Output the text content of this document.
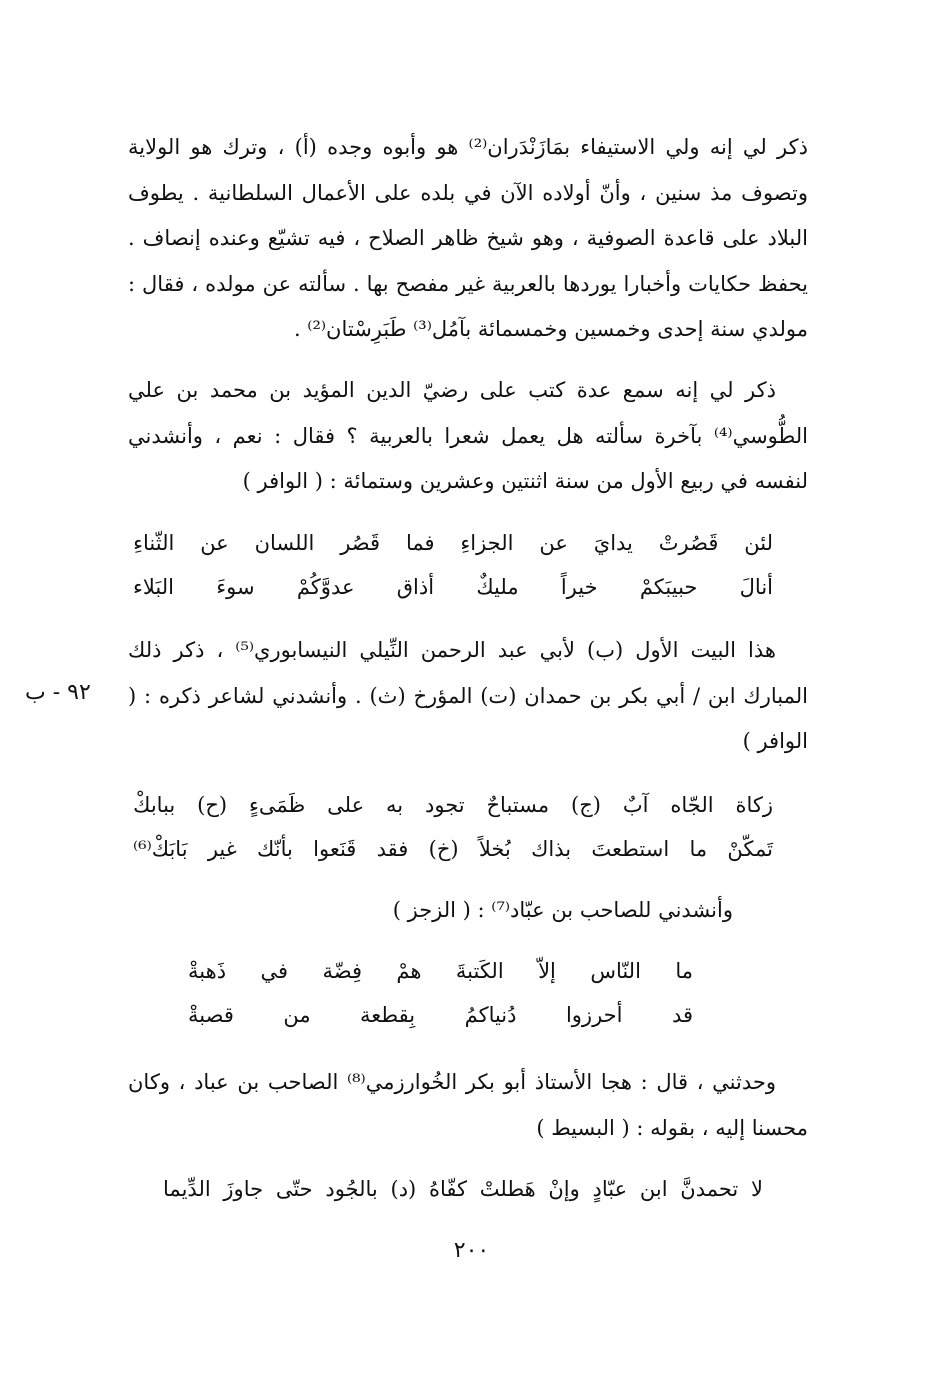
ذكر لي إنه ولي الاستيفاء بمَازَنْدَران⁽²⁾ هو وأبوه وجده (أ) ، وترك هو الولاية وتصوف مذ سنين ، وأنّ أولاده الآن في بلده على الأعمال السلطانية . يطوف البلاد على قاعدة الصوفية ، وهو شيخ ظاهر الصلاح ، فيه تشيّع وعنده إنصاف . يحفظ حكايات وأخبارا يوردها بالعربية غير مفصح بها . سألته عن مولده ، فقال : مولدي سنة إحدى وخمسين وخمسمائة بآمُل⁽³⁾ طَبَرِسْتان⁽²⁾ .

ذكر لي إنه سمع عدة كتب على رضيّ الدين المؤيد بن محمد بن علي الطُّوسي⁽⁴⁾ بآخرة سألته هل يعمل شعرا بالعربية ؟ فقال : نعم ، وأنشدني لنفسه في ربيع الأول من سنة اثنتين وعشرين وستمائة : ( الوافر )

لئن
قَصُرتْ
يدايَ
عن
الجزاءِ
فما
قَصُر
اللسان
عن
الثّناءِ
أنالَ
حبيبَكمْ
خيراً
مليكٌ
أذاق
عدوَّكُمْ
سوءَ
البَلاء

هذا البيت الأول (ب) لأبي عبد الرحمن النِّيلي النيسابوري⁽⁵⁾ ، ذكر ذلك المبارك ابن / أبي بكر بن حمدان (ت) المؤرخ (ث) . وأنشدني لشاعر ذكره : ( الوافر )

٩٢ - ب
زكاة
الجّاه
آبٌ
(ج)
مستباحٌ
تجود
به
على
ظَمَىءٍ
(ح)
ببابكْ
تَمكّنْ
ما
استطعتَ
بذاك
بُخلاً
(خ)
فقد
قَنَعوا
بأنّك
غير
بَابَكْ⁽⁶⁾

وأنشدني للصاحب بن عبّاد⁽⁷⁾ : ( الزجز )

ما
النّاس
إلاّ
الكَتبةَ
همْ
فِضّة
في
ذَهبةْ
قد
أحرزوا
دُنياكمُ
بِقطعة
من
قصبةْ

وحدثني ، قال : هجا الأستاذ أبو بكر الخُوارزمي⁽⁸⁾ الصاحب بن عباد ، وكان محسنا إليه ، بقوله : ( البسيط )

لا
تحمدنَّ
ابن
عبّادٍ
وإنْ
هَطلتْ
كفّاهُ
(د)
بالجُود
حتّى
جاوزَ
الدِّيما
٢٠٠
